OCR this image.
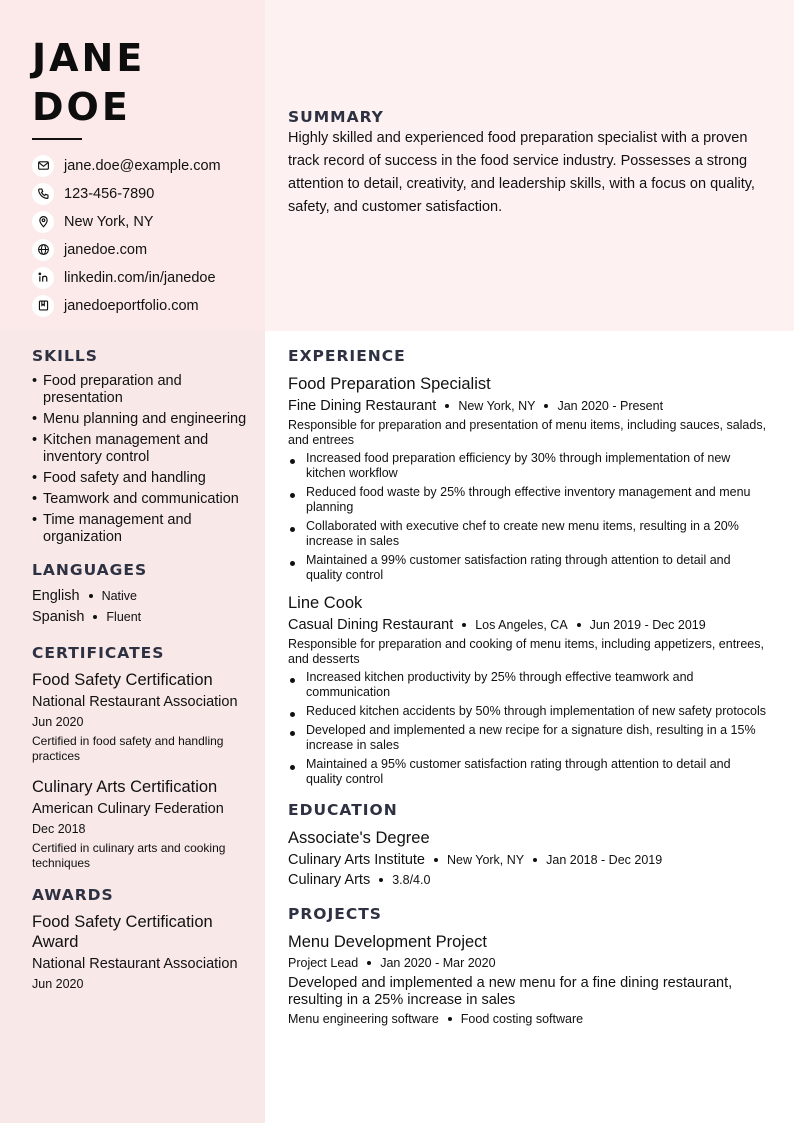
JANE
DOE
jane.doe@example.com
123-456-7890
New York, NY
janedoe.com
linkedin.com/in/janedoe
janedoeportfolio.com
SUMMARY
Highly skilled and experienced food preparation specialist with a proven track record of success in the food service industry. Possesses a strong attention to detail, creativity, and leadership skills, with a focus on quality, safety, and customer satisfaction.
SKILLS
• Food preparation and presentation
• Menu planning and engineering
• Kitchen management and inventory control
• Food safety and handling
• Teamwork and communication
• Time management and organization
LANGUAGES
English Native
Spanish Fluent
CERTIFICATES
Food Safety Certification
National Restaurant Association
Jun 2020
Certified in food safety and handling practices
Culinary Arts Certification
American Culinary Federation
Dec 2018
Certified in culinary arts and cooking techniques
AWARDS
Food Safety Certification Award
National Restaurant Association
Jun 2020
EXPERIENCE
Food Preparation Specialist
Fine Dining Restaurant New York, NY Jan 2020 - Present
Responsible for preparation and presentation of menu items, including sauces, salads, and entrees
Increased food preparation efficiency by 30% through implementation of new kitchen workflow
Reduced food waste by 25% through effective inventory management and menu planning
Collaborated with executive chef to create new menu items, resulting in a 20% increase in sales
Maintained a 99% customer satisfaction rating through attention to detail and quality control
Line Cook
Casual Dining Restaurant Los Angeles, CA Jun 2019 - Dec 2019
Responsible for preparation and cooking of menu items, including appetizers, entrees, and desserts
Increased kitchen productivity by 25% through effective teamwork and communication
Reduced kitchen accidents by 50% through implementation of new safety protocols
Developed and implemented a new recipe for a signature dish, resulting in a 15% increase in sales
Maintained a 95% customer satisfaction rating through attention to detail and quality control
EDUCATION
Associate's Degree
Culinary Arts Institute New York, NY Jan 2018 - Dec 2019
Culinary Arts 3.8/4.0
PROJECTS
Menu Development Project
Project Lead Jan 2020 - Mar 2020
Developed and implemented a new menu for a fine dining restaurant, resulting in a 25% increase in sales
Menu engineering software Food costing software
